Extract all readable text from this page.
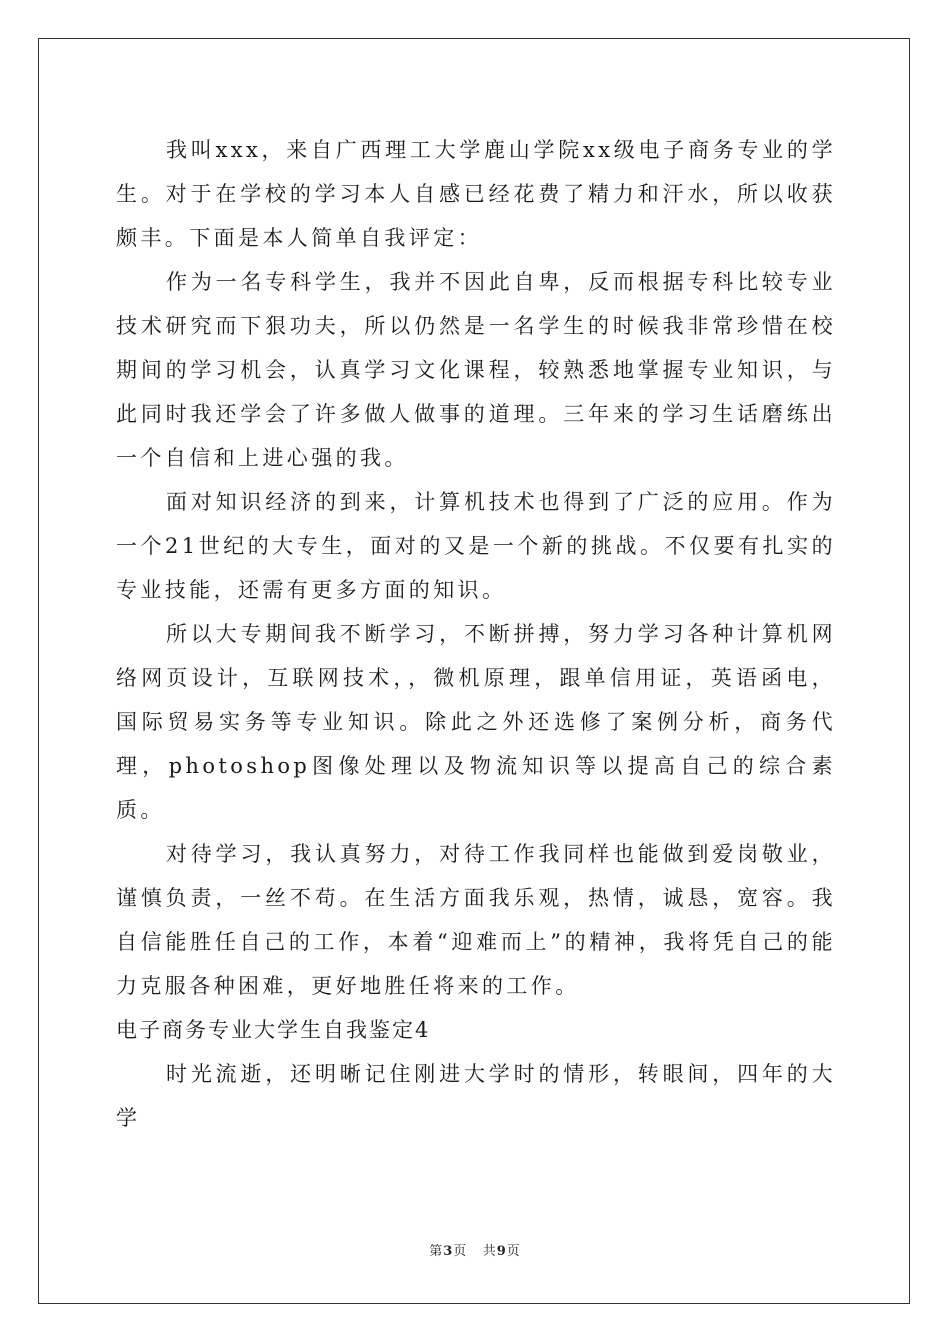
我叫xxx，来自广西理工大学鹿山学院xx级电子商务专业的学生。对于在学校的学习本人自感已经花费了精力和汗水，所以收获颇丰。下面是本人简单自我评定：

作为一名专科学生，我并不因此自卑，反而根据专科比较专业技术研究而下狠功夫，所以仍然是一名学生的时候我非常珍惜在校期间的学习机会，认真学习文化课程，较熟悉地掌握专业知识，与此同时我还学会了许多做人做事的道理。三年来的学习生话磨练出一个自信和上进心强的我。

面对知识经济的到来，计算机技术也得到了广泛的应用。作为一个21世纪的大专生，面对的又是一个新的挑战。不仅要有扎实的专业技能，还需有更多方面的知识。

所以大专期间我不断学习，不断拼搏，努力学习各种计算机网络网页设计，互联网技术，，微机原理，跟单信用证，英语函电，国际贸易实务等专业知识。除此之外还选修了案例分析，商务代理，photoshop图像处理以及物流知识等以提高自己的综合素质。

对待学习，我认真努力，对待工作我同样也能做到爱岗敬业，谨慎负责，一丝不苟。在生活方面我乐观，热情，诚恳，宽容。我自信能胜任自己的工作，本着“迎难而上”的精神，我将凭自己的能力克服各种困难，更好地胜任将来的工作。

电子商务专业大学生自我鉴定4

时光流逝，还明晰记住刚进大学时的情形，转眼间，四年的大学

第3页 共9页
